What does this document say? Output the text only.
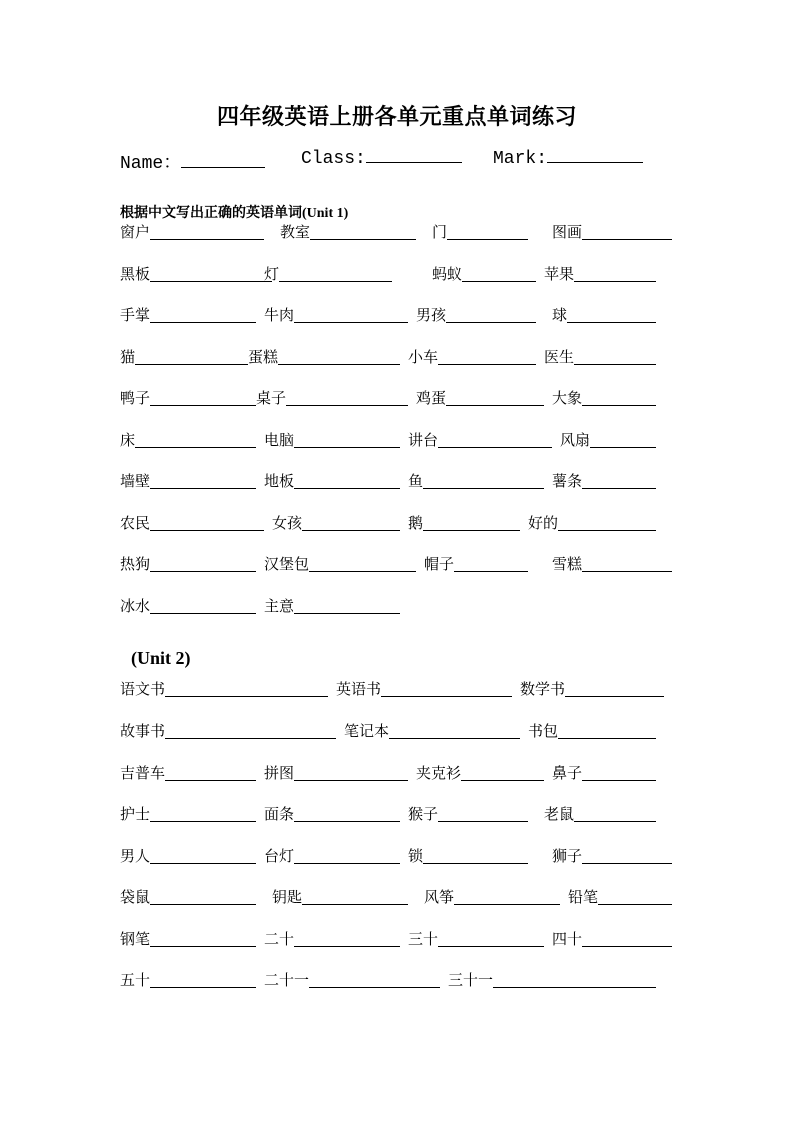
四年级英语上册各单元重点单词练习
Name：	Class:	Mark:
根据中文写出正确的英语单词(Unit 1)
窗户	教室	门	图画
黑板	灯	蚂蚁	苹果
手掌	牛肉	男孩	球
猫	蛋糕	小车	医生
鸭子	桌子	鸡蛋	大象
床	电脑	讲台	风扇
墙壁	地板	鱼	薯条
农民	女孩	鹅	好的
热狗	汉堡包	帽子	雪糕
冰水	主意
(Unit 2)
语文书	英语书	数学书
故事书	笔记本	书包
吉普车	拼图	夹克衫	鼻子
护士	面条	猴子	老鼠
男人	台灯	锁	狮子
袋鼠	钥匙	风筝	铅笔
钢笔	二十	三十	四十
五十	二十一	三十一
